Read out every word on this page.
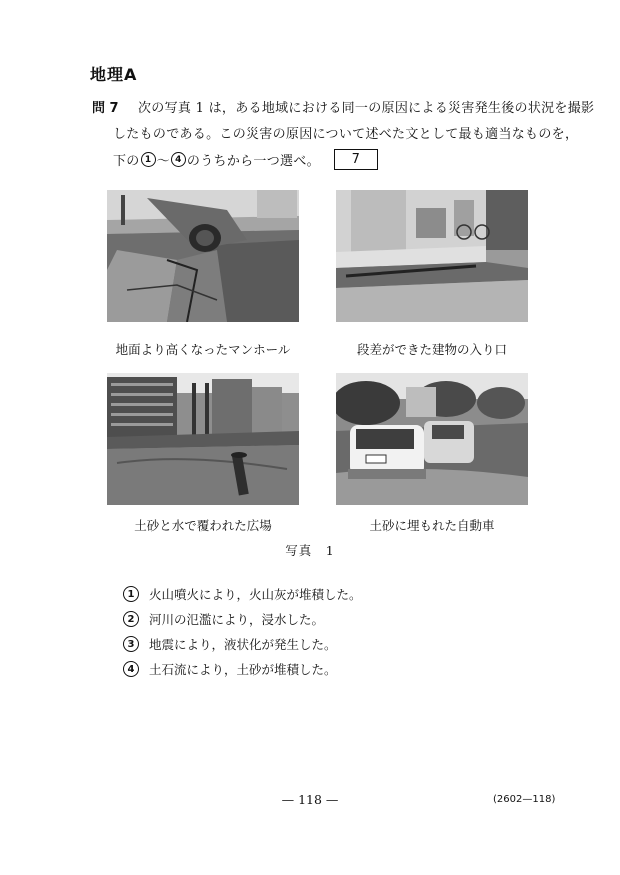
地理A
問 7 次の写真 1 は，ある地域における同一の原因による災害発生後の状況を撮影
したものである。この災害の原因について述べた文として最も適当なものを，
下の 1 ～ 4 のうちから一つ選べ。	7
地面より高くなったマンホール	段差ができた建物の入り口
土砂と水で覆われた広場	土砂に埋もれた自動車
写真　1
1	火山噴火により，火山灰が堆積した。
2	河川の氾濫により，浸水した。
3	地震により，液状化が発生した。
4	土石流により，土砂が堆積した。
— 118 —	(2602—118)
